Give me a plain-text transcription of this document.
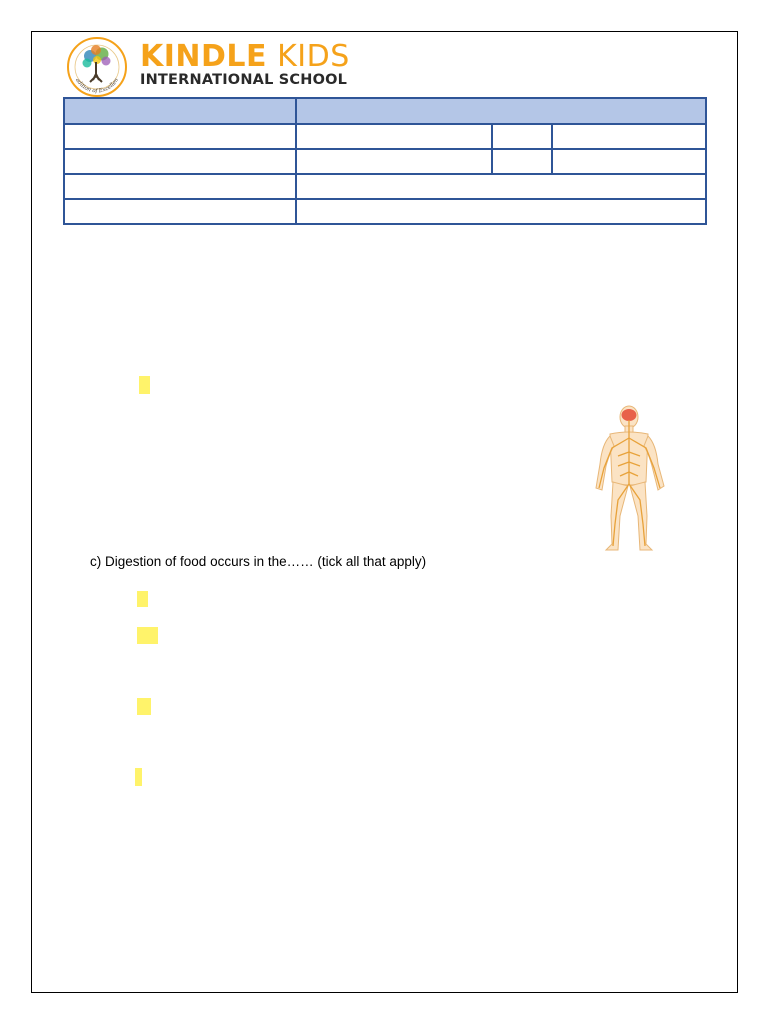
adition of Excellen
KINDLE KIDS
INTERNATIONAL SCHOOL

c) Digestion of food occurs in the…… (tick all that apply)
